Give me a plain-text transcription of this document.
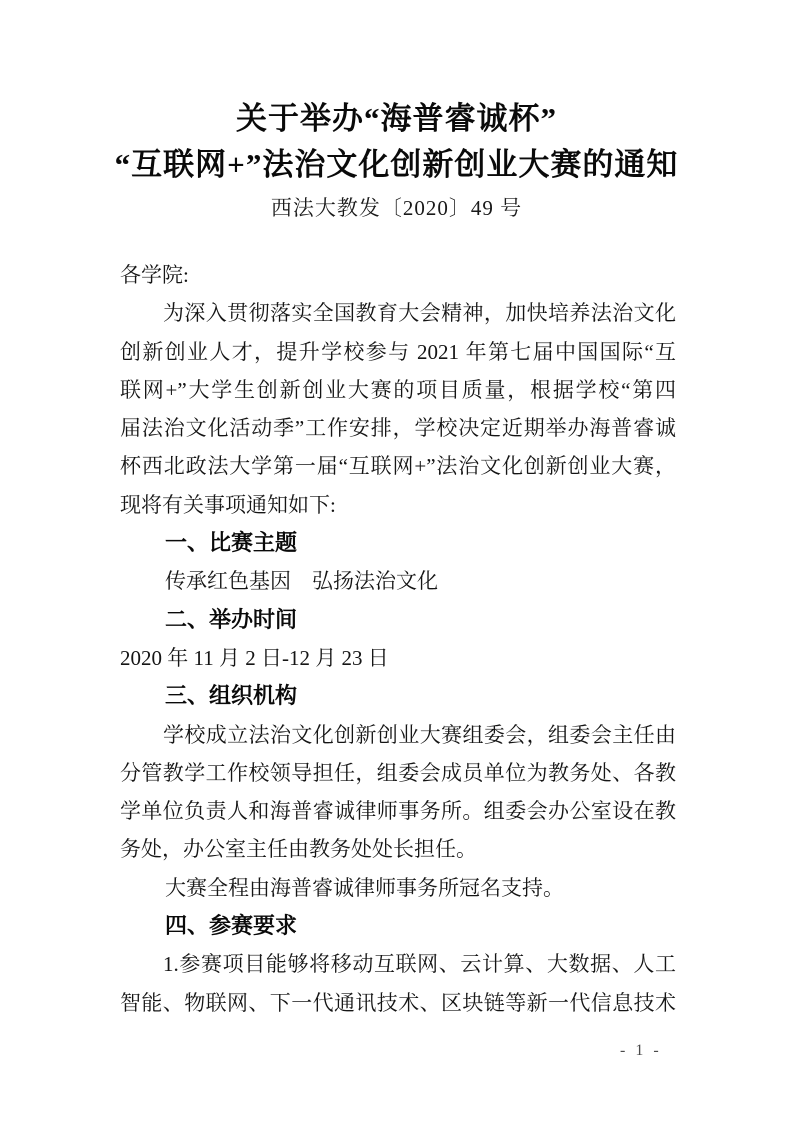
关于举办“海普睿诚杯”
“互联网+”法治文化创新创业大赛的通知
西法大教发〔2020〕49 号
各学院:
为深入贯彻落实全国教育大会精神，加快培养法治文化
创新创业人才，提升学校参与 2021 年第七届中国国际“互
联网+”大学生创新创业大赛的项目质量，根据学校“第四
届法治文化活动季”工作安排，学校决定近期举办海普睿诚
杯西北政法大学第一届“互联网+”法治文化创新创业大赛，
现将有关事项通知如下:
一、比赛主题
传承红色基因　弘扬法治文化
二、举办时间
2020 年 11 月 2 日-12 月 23 日
三、组织机构
学校成立法治文化创新创业大赛组委会，组委会主任由
分管教学工作校领导担任，组委会成员单位为教务处、各教
学单位负责人和海普睿诚律师事务所。组委会办公室设在教
务处，办公室主任由教务处处长担任。
大赛全程由海普睿诚律师事务所冠名支持。
四、参赛要求
1.参赛项目能够将移动互联网、云计算、大数据、人工
智能、物联网、下一代通讯技术、区块链等新一代信息技术
- 1 -
